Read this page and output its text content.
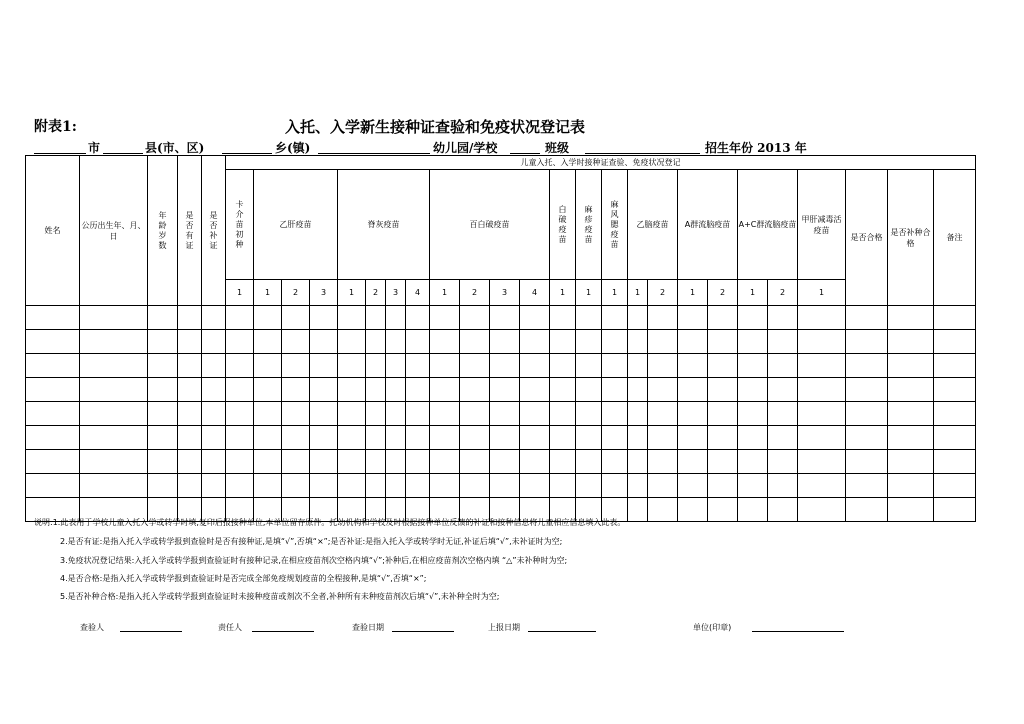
附表1:	入托、入学新生接种证查验和免疫状况登记表
市	县(市、区)	乡(镇)	幼儿园/学校	班级	招生年份 2013 年
姓名	公历出生年、月、日	年龄岁数	是否有证	是否补证	儿童入托、入学时接种证查验、免疫状况登记																								
					卡介苗初种	乙肝疫苗			脊灰疫苗				百白破疫苗				白破疫苗	麻疹疫苗	麻风腮疫苗	乙脑疫苗		A群流脑疫苗		A+C群流脑疫苗		甲肝减毒活疫苗	是否合格	是否补种合格	备注
					1	1	2	3	1	2	3	4	1	2	3	4	1	1	1	1	2	1	2	1	2	1			

说明:1.此表用于学校儿童入托入学或转学时填,复印后报接种单位,本单位留存原件。托幼机构和学校及时根据接种单位反馈的补证和接种信息将儿童相应信息填入此表。
2.是否有证:是指入托入学或转学报到查验时是否有接种证,是填“√”,否填“×”;是否补证:是指入托入学或转学时无证,补证后填“√”,未补证时为空;
3.免疫状况登记结果:入托入学或转学报到查验证时有接种记录,在相应疫苗剂次空格内填“√”;补种后,在相应疫苗剂次空格内填 “△”未补种时为空;
4.是否合格:是指入托入学或转学报到查验证时是否完成全部免疫规划疫苗的全程接种,是填“√”,否填“×”;
5.是否补种合格:是指入托入学或转学报到查验证时未接种疫苗或剂次不全者,补种所有未种疫苗剂次后填“√”,未补种全时为空;
查验人	责任人	查验日期	上报日期	单位(印章)
